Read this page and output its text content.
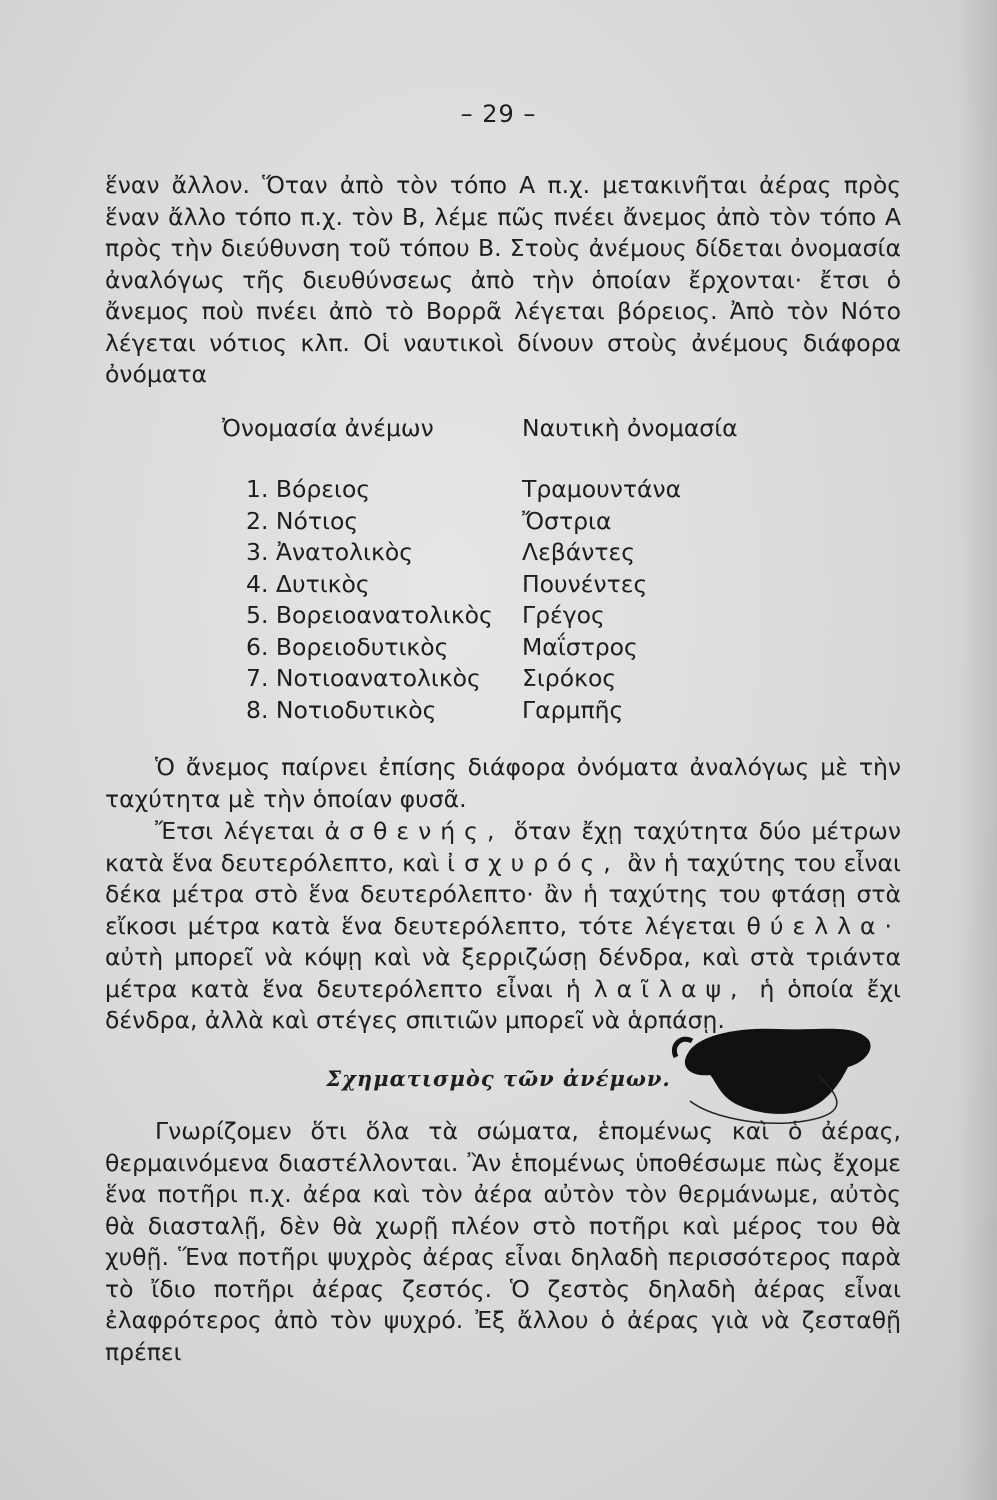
– 29 –

ἕναν ἄλλον. Ὅταν ἀπὸ τὸν τόπο Α π.χ. μετακινῆται ἀέρας πρὸς ἕναν ἄλλο τόπο π.χ. τὸν Β, λέμε πῶς πνέει ἄνεμος ἀπὸ τὸν τόπο Α πρὸς τὴν διεύθυνση τοῦ τόπου Β. Στοὺς ἀνέμους δίδεται ὀνομασία ἀναλόγως τῆς διευθύνσεως ἀπὸ τὴν ὁποίαν ἔρχονται· ἔτσι ὁ ἄνεμος ποὺ πνέει ἀπὸ τὸ Βορρᾶ λέγεται βόρειος. Ἀπὸ τὸν Νότο λέγεται νότιος κλπ. Οἱ ναυτικοὶ δίνουν στοὺς ἀνέμους διάφορα ὀνόματα

Ὀνομασία ἀνέμων	Ναυτικὴ ὀνομασία
1. Βόρειος	Τραμουντάνα
2. Νότιος	Ὄστρια
3. Ἀνατολικὸς	Λεβάντες
4. Δυτικὸς	Πουνέντες
5. Βορειοανατολικὸς	Γρέγος
6. Βορειοδυτικὸς	Μαΐστρος
7. Νοτιοανατολικὸς	Σιρόκος
8. Νοτιοδυτικὸς	Γαρμπῆς

Ὁ ἄνεμος παίρνει ἐπίσης διάφορα ὀνόματα ἀναλόγως μὲ τὴν ταχύτητα μὲ τὴν ὁποίαν φυσᾶ.

Ἔτσι λέγεται ἀσθενής, ὅταν ἔχῃ ταχύτητα δύο μέτρων κατὰ ἕνα δευτερόλεπτο, καὶ ἰσχυρός, ἂν ἡ ταχύτης του εἶναι δέκα μέτρα στὸ ἕνα δευτερόλεπτο· ἂν ἡ ταχύτης του φτάσῃ στὰ εἴκοσι μέτρα κατὰ ἕνα δευτερόλεπτο, τότε λέγεται θύελλα· αὐτὴ μπορεῖ νὰ κόψῃ καὶ νὰ ξερριζώσῃ δένδρα, καὶ στὰ τριάντα μέτρα κατὰ ἕνα δευτερόλεπτο εἶναι ἡ λαῖλαψ, ἡ ὁποία ἔχι δένδρα, ἀλλὰ καὶ στέγες σπιτιῶν μπορεῖ νὰ ἁρπάσῃ.

Σχηματισμὸς τῶν ἀνέμων.

Γνωρίζομεν ὅτι ὅλα τὰ σώματα, ἑπομένως καὶ ὁ ἀέρας, θερμαινόμενα διαστέλλονται. Ἂν ἑπομένως ὑποθέσωμε πὼς ἔχομε ἕνα ποτῆρι π.χ. ἀέρα καὶ τὸν ἀέρα αὐτὸν τὸν θερμάνωμε, αὐτὸς θὰ διασταλῇ, δὲν θὰ χωρῇ πλέον στὸ ποτῆρι καὶ μέρος του θὰ χυθῇ. Ἕνα ποτῆρι ψυχρὸς ἀέρας εἶναι δηλαδὴ περισσότερος παρὰ τὸ ἴδιο ποτῆρι ἀέρας ζεστός. Ὁ ζεστὸς δηλαδὴ ἀέρας εἶναι ἐλαφρότερος ἀπὸ τὸν ψυχρό. Ἐξ ἄλλου ὁ ἀέρας γιὰ νὰ ζεσταθῇ πρέπει
